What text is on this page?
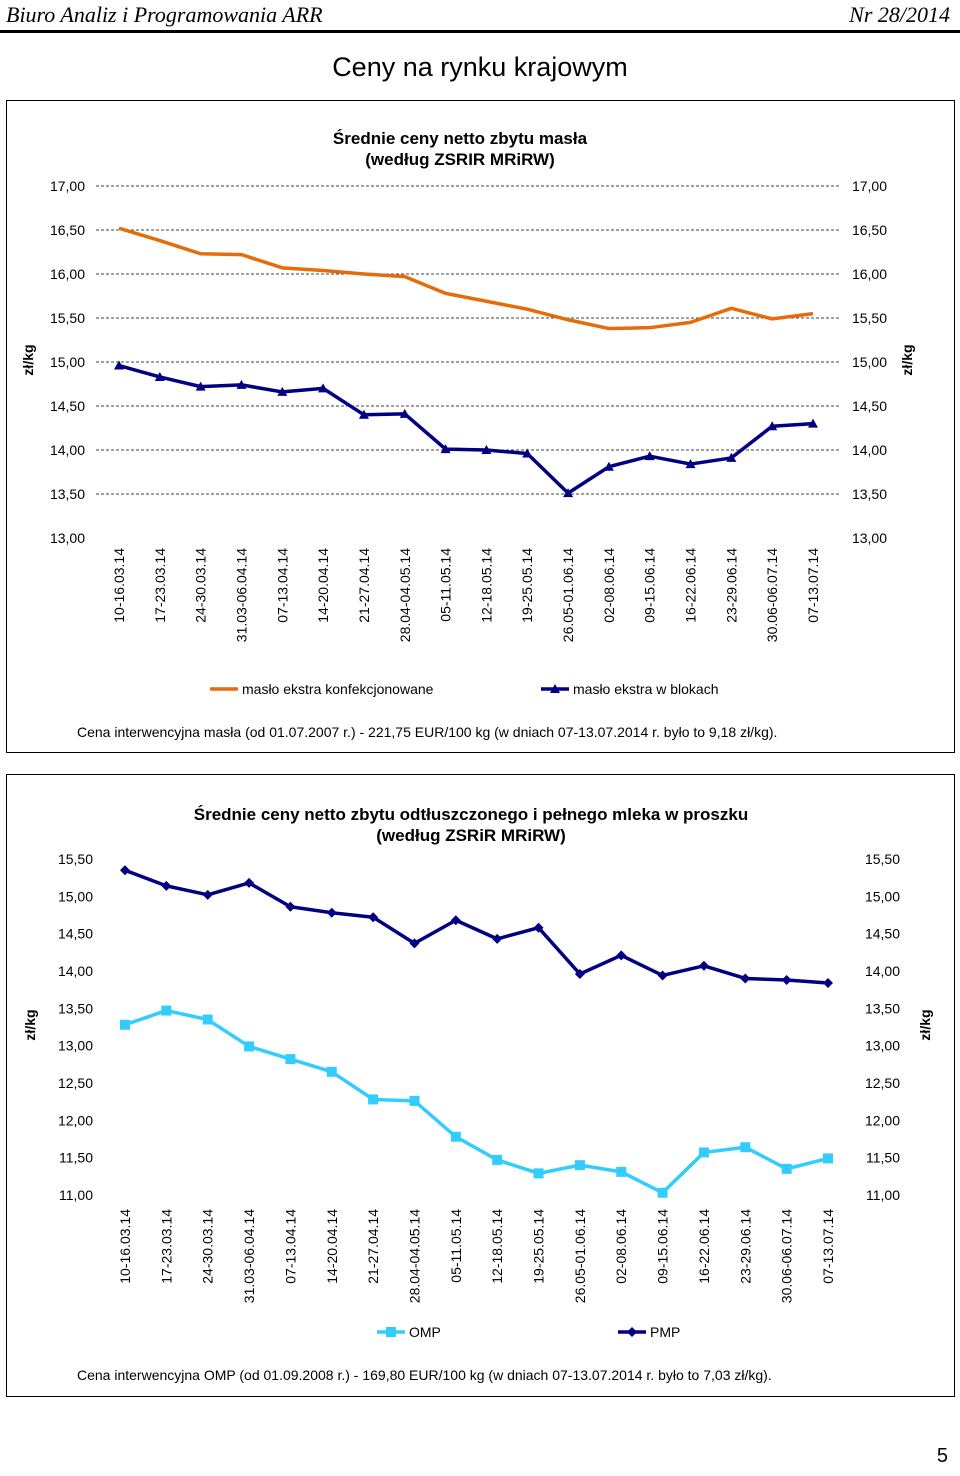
Biuro Analiz i Programowania ARR	Nr 28/2014
Ceny na rynku krajowym
Średnie ceny netto zbytu masła
(według ZSRIR MRiRW)
13,00	13,00
13,50	13,50
14,00	14,00
14,50	14,50
15,00	15,00
15,50	15,50
16,00	16,00
16,50	16,50
17,00	17,00
zł/kg	zł/kg
10-16.03.14 17-23.03.14 24-30.03.14 31.03-06.04.14 07-13.04.14 14-20.04.14 21-27.04.14 28.04-04.05.14 05-11.05.14 12-18.05.14 19-25.05.14 26.05-01.06.14 02-08.06.14 09-15.06.14 16-22.06.14 23-29.06.14 30.06-06.07.14 07-13.07.14
masło ekstra konfekcjonowane	masło ekstra w blokach
Cena interwencyjna masła (od 01.07.2007 r.) - 221,75 EUR/100 kg (w dniach 07-13.07.2014 r. było to 9,18 zł/kg).
Średnie ceny netto zbytu odtłuszczonego i pełnego mleka w proszku
(według ZSRiR MRiRW)
11,00	11,00
11,50	11,50
12,00	12,00
12,50	12,50
13,00	13,00
13,50	13,50
14,00	14,00
14,50	14,50
15,00	15,00
15,50	15,50
zł/kg	zł/kg
10-16.03.14 17-23.03.14 24-30.03.14 31.03-06.04.14 07-13.04.14 14-20.04.14 21-27.04.14 28.04-04.05.14 05-11.05.14 12-18.05.14 19-25.05.14 26.05-01.06.14 02-08.06.14 09-15.06.14 16-22.06.14 23-29.06.14 30.06-06.07.14 07-13.07.14
OMP	PMP
Cena interwencyjna OMP (od 01.09.2008 r.) - 169,80 EUR/100 kg (w dniach 07-13.07.2014 r. było to 7,03 zł/kg).
5
